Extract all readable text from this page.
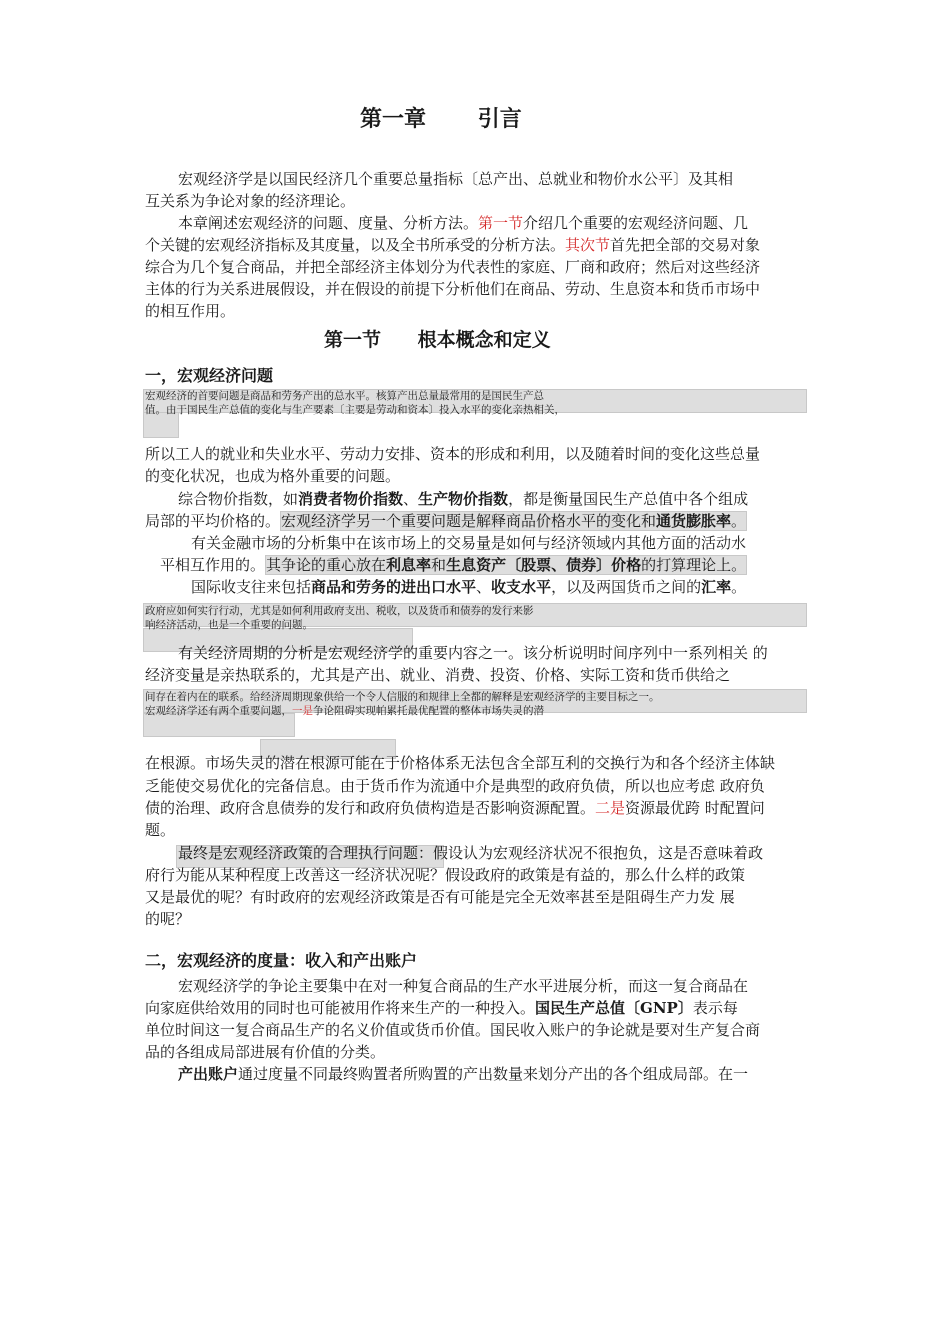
第一章 引言
宏观经济学是以国民经济几个重要总量指标〔总产出、总就业和物价水公平〕及其相
互关系为争论对象的经济理论。
本章阐述宏观经济的问题、度量、分析方法。第一节介绍几个重要的宏观经济问题、几
个关键的宏观经济指标及其度量，以及全书所承受的分析方法。其次节首先把全部的交易对象
综合为几个复合商品，并把全部经济主体划分为代表性的家庭、厂商和政府；然后对这些经济
主体的行为关系进展假设，并在假设的前提下分析他们在商品、劳动、生息资本和货币市场中
的相互作用。
第一节 根本概念和定义
一，宏观经济问题
宏观经济的首要问题是商品和劳务产出的总水平。核算产出总量最常用的是国民生产总
值。由于国民生产总值的变化与生产要素〔主要是劳动和资本〕投入水平的变化亲热相关，
所以工人的就业和失业水平、劳动力安排、资本的形成和利用，以及随着时间的变化这些总量
的变化状况，也成为格外重要的问题。
综合物价指数，如消费者物价指数、生产物价指数，都是衡量国民生产总值中各个组成
局部的平均价格的。宏观经济学另一个重要问题是解释商品价格水平的变化和通货膨胀率。
有关金融市场的分析集中在该市场上的交易量是如何与经济领域内其他方面的活动水
平相互作用的。其争论的重心放在利息率和生息资产〔股票、债券〕价格的打算理论上。
国际收支往来包括商品和劳务的进出口水平、收支水平，以及两国货币之间的汇率。
政府应如何实行行动，尤其是如何利用政府支出、税收，以及货币和债券的发行来影
响经济活动，也是一个重要的问题。
有关经济周期的分析是宏观经济学的重要内容之一。该分析说明时间序列中一系列相关 的
经济变量是亲热联系的，尤其是产出、就业、消费、投资、价格、实际工资和货币供给之
间存在着内在的联系。给经济周期现象供给一个令人信服的和规律上全都的解释是宏观经济学的主要目标之一。
宏观经济学还有两个重要问题，一是争论阻碍实现帕累托最优配置的整体市场失灵的潜
在根源。市场失灵的潜在根源可能在于价格体系无法包含全部互利的交换行为和各个经济主体缺
乏能使交易优化的完备信息。由于货币作为流通中介是典型的政府负债，所以也应考虑 政府负
债的治理、政府含息债券的发行和政府负债构造是否影响资源配置。二是资源最优跨 时配置问
题。
最终是宏观经济政策的合理执行问题：假设认为宏观经济状况不很抱负，这是否意味着政
府行为能从某种程度上改善这一经济状况呢？假设政府的政策是有益的，那么什么样的政策
又是最优的呢？有时政府的宏观经济政策是否有可能是完全无效率甚至是阻碍生产力发 展
的呢？
二，宏观经济的度量：收入和产出账户
宏观经济学的争论主要集中在对一种复合商品的生产水平进展分析，而这一复合商品在
向家庭供给效用的同时也可能被用作将来生产的一种投入。国民生产总值〔GNP〕表示每
单位时间这一复合商品生产的名义价值或货币价值。国民收入账户的争论就是要对生产复合商
品的各组成局部进展有价值的分类。
产出账户通过度量不同最终购置者所购置的产出数量来划分产出的各个组成局部。在一
